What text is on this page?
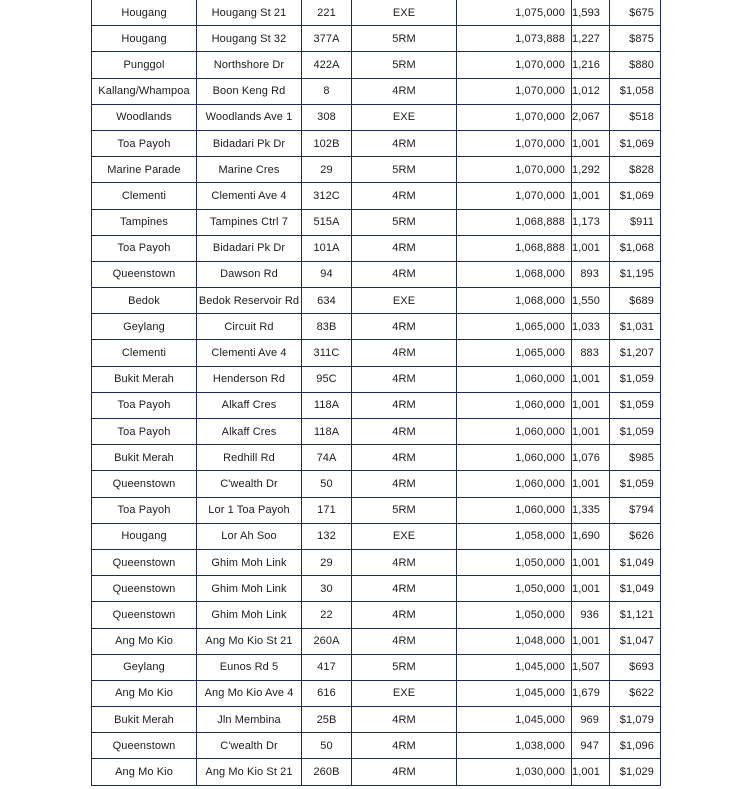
Hougang	Hougang St 21	221	EXE	1,075,000	1,593	$675
Hougang	Hougang St 32	377A	5RM	1,073,888	1,227	$875
Punggol	Northshore Dr	422A	5RM	1,070,000	1,216	$880
Kallang/Whampoa	Boon Keng Rd	8	4RM	1,070,000	1,012	$1,058
Woodlands	Woodlands Ave 1	308	EXE	1,070,000	2,067	$518
Toa Payoh	Bidadari Pk Dr	102B	4RM	1,070,000	1,001	$1,069
Marine Parade	Marine Cres	29	5RM	1,070,000	1,292	$828
Clementi	Clementi Ave 4	312C	4RM	1,070,000	1,001	$1,069
Tampines	Tampines Ctrl 7	515A	5RM	1,068,888	1,173	$911
Toa Payoh	Bidadari Pk Dr	101A	4RM	1,068,888	1,001	$1,068
Queenstown	Dawson Rd	94	4RM	1,068,000	893	$1,195
Bedok	Bedok Reservoir Rd	634	EXE	1,068,000	1,550	$689
Geylang	Circuit Rd	83B	4RM	1,065,000	1,033	$1,031
Clementi	Clementi Ave 4	311C	4RM	1,065,000	883	$1,207
Bukit Merah	Henderson Rd	95C	4RM	1,060,000	1,001	$1,059
Toa Payoh	Alkaff Cres	118A	4RM	1,060,000	1,001	$1,059
Toa Payoh	Alkaff Cres	118A	4RM	1,060,000	1,001	$1,059
Bukit Merah	Redhill Rd	74A	4RM	1,060,000	1,076	$985
Queenstown	C'wealth Dr	50	4RM	1,060,000	1,001	$1,059
Toa Payoh	Lor 1 Toa Payoh	171	5RM	1,060,000	1,335	$794
Hougang	Lor Ah Soo	132	EXE	1,058,000	1,690	$626
Queenstown	Ghim Moh Link	29	4RM	1,050,000	1,001	$1,049
Queenstown	Ghim Moh Link	30	4RM	1,050,000	1,001	$1,049
Queenstown	Ghim Moh Link	22	4RM	1,050,000	936	$1,121
Ang Mo Kio	Ang Mo Kio St 21	260A	4RM	1,048,000	1,001	$1,047
Geylang	Eunos Rd 5	417	5RM	1,045,000	1,507	$693
Ang Mo Kio	Ang Mo Kio Ave 4	616	EXE	1,045,000	1,679	$622
Bukit Merah	Jln Membina	25B	4RM	1,045,000	969	$1,079
Queenstown	C'wealth Dr	50	4RM	1,038,000	947	$1,096
Ang Mo Kio	Ang Mo Kio St 21	260B	4RM	1,030,000	1,001	$1,029
